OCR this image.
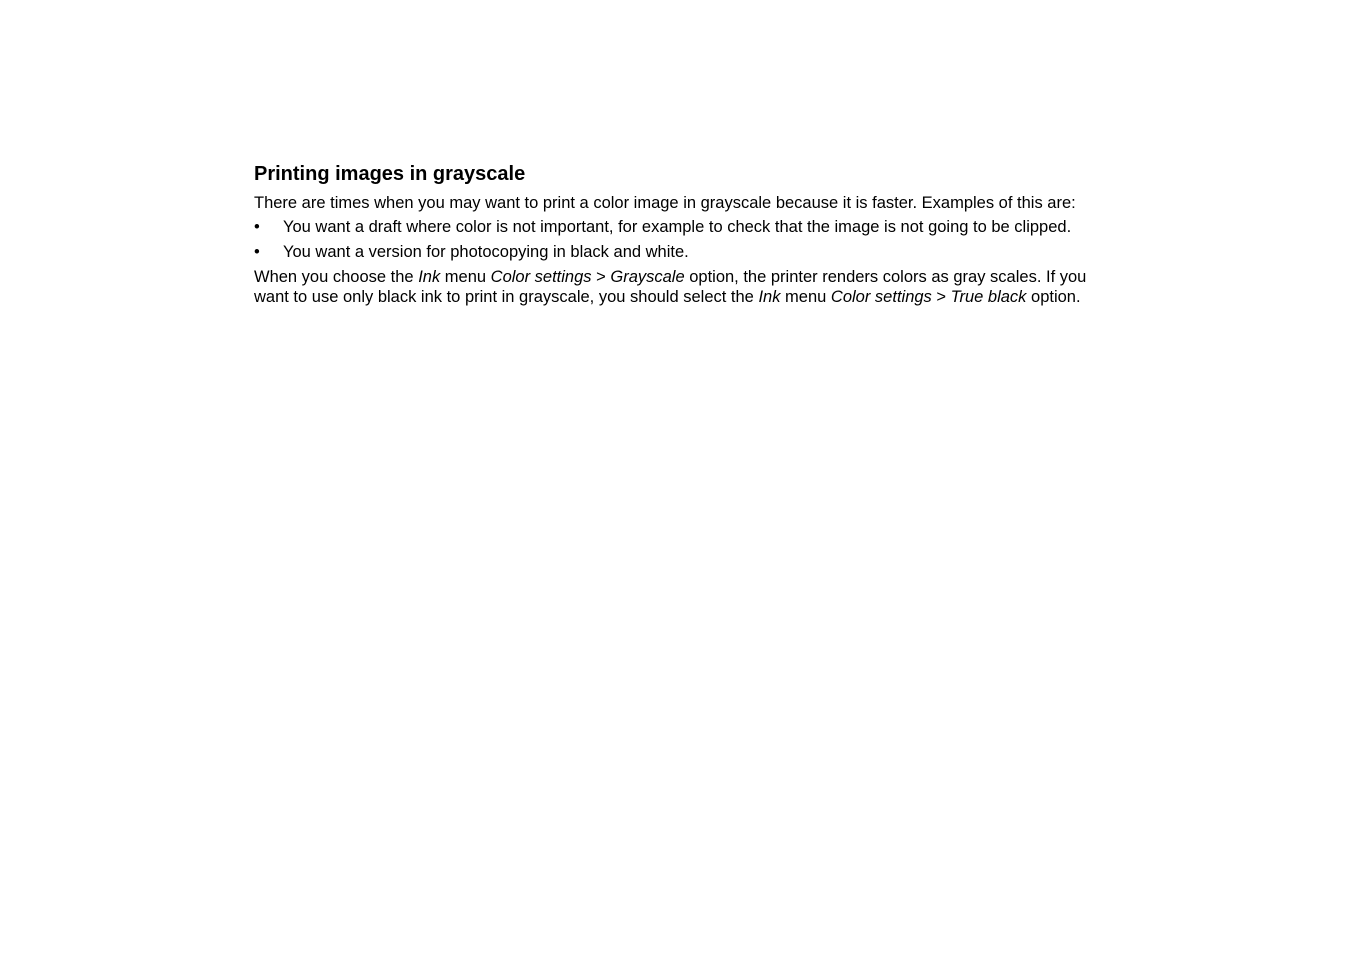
Printing images in grayscale

There are times when you may want to print a color image in grayscale because it is faster. Examples of this are:

• You want a draft where color is not important, for example to check that the image is not going to be clipped.
• You want a version for photocopying in black and white.

When you choose the Ink menu Color settings > Grayscale option, the printer renders colors as gray scales. If you
want to use only black ink to print in grayscale, you should select the Ink menu Color settings > True black option.
